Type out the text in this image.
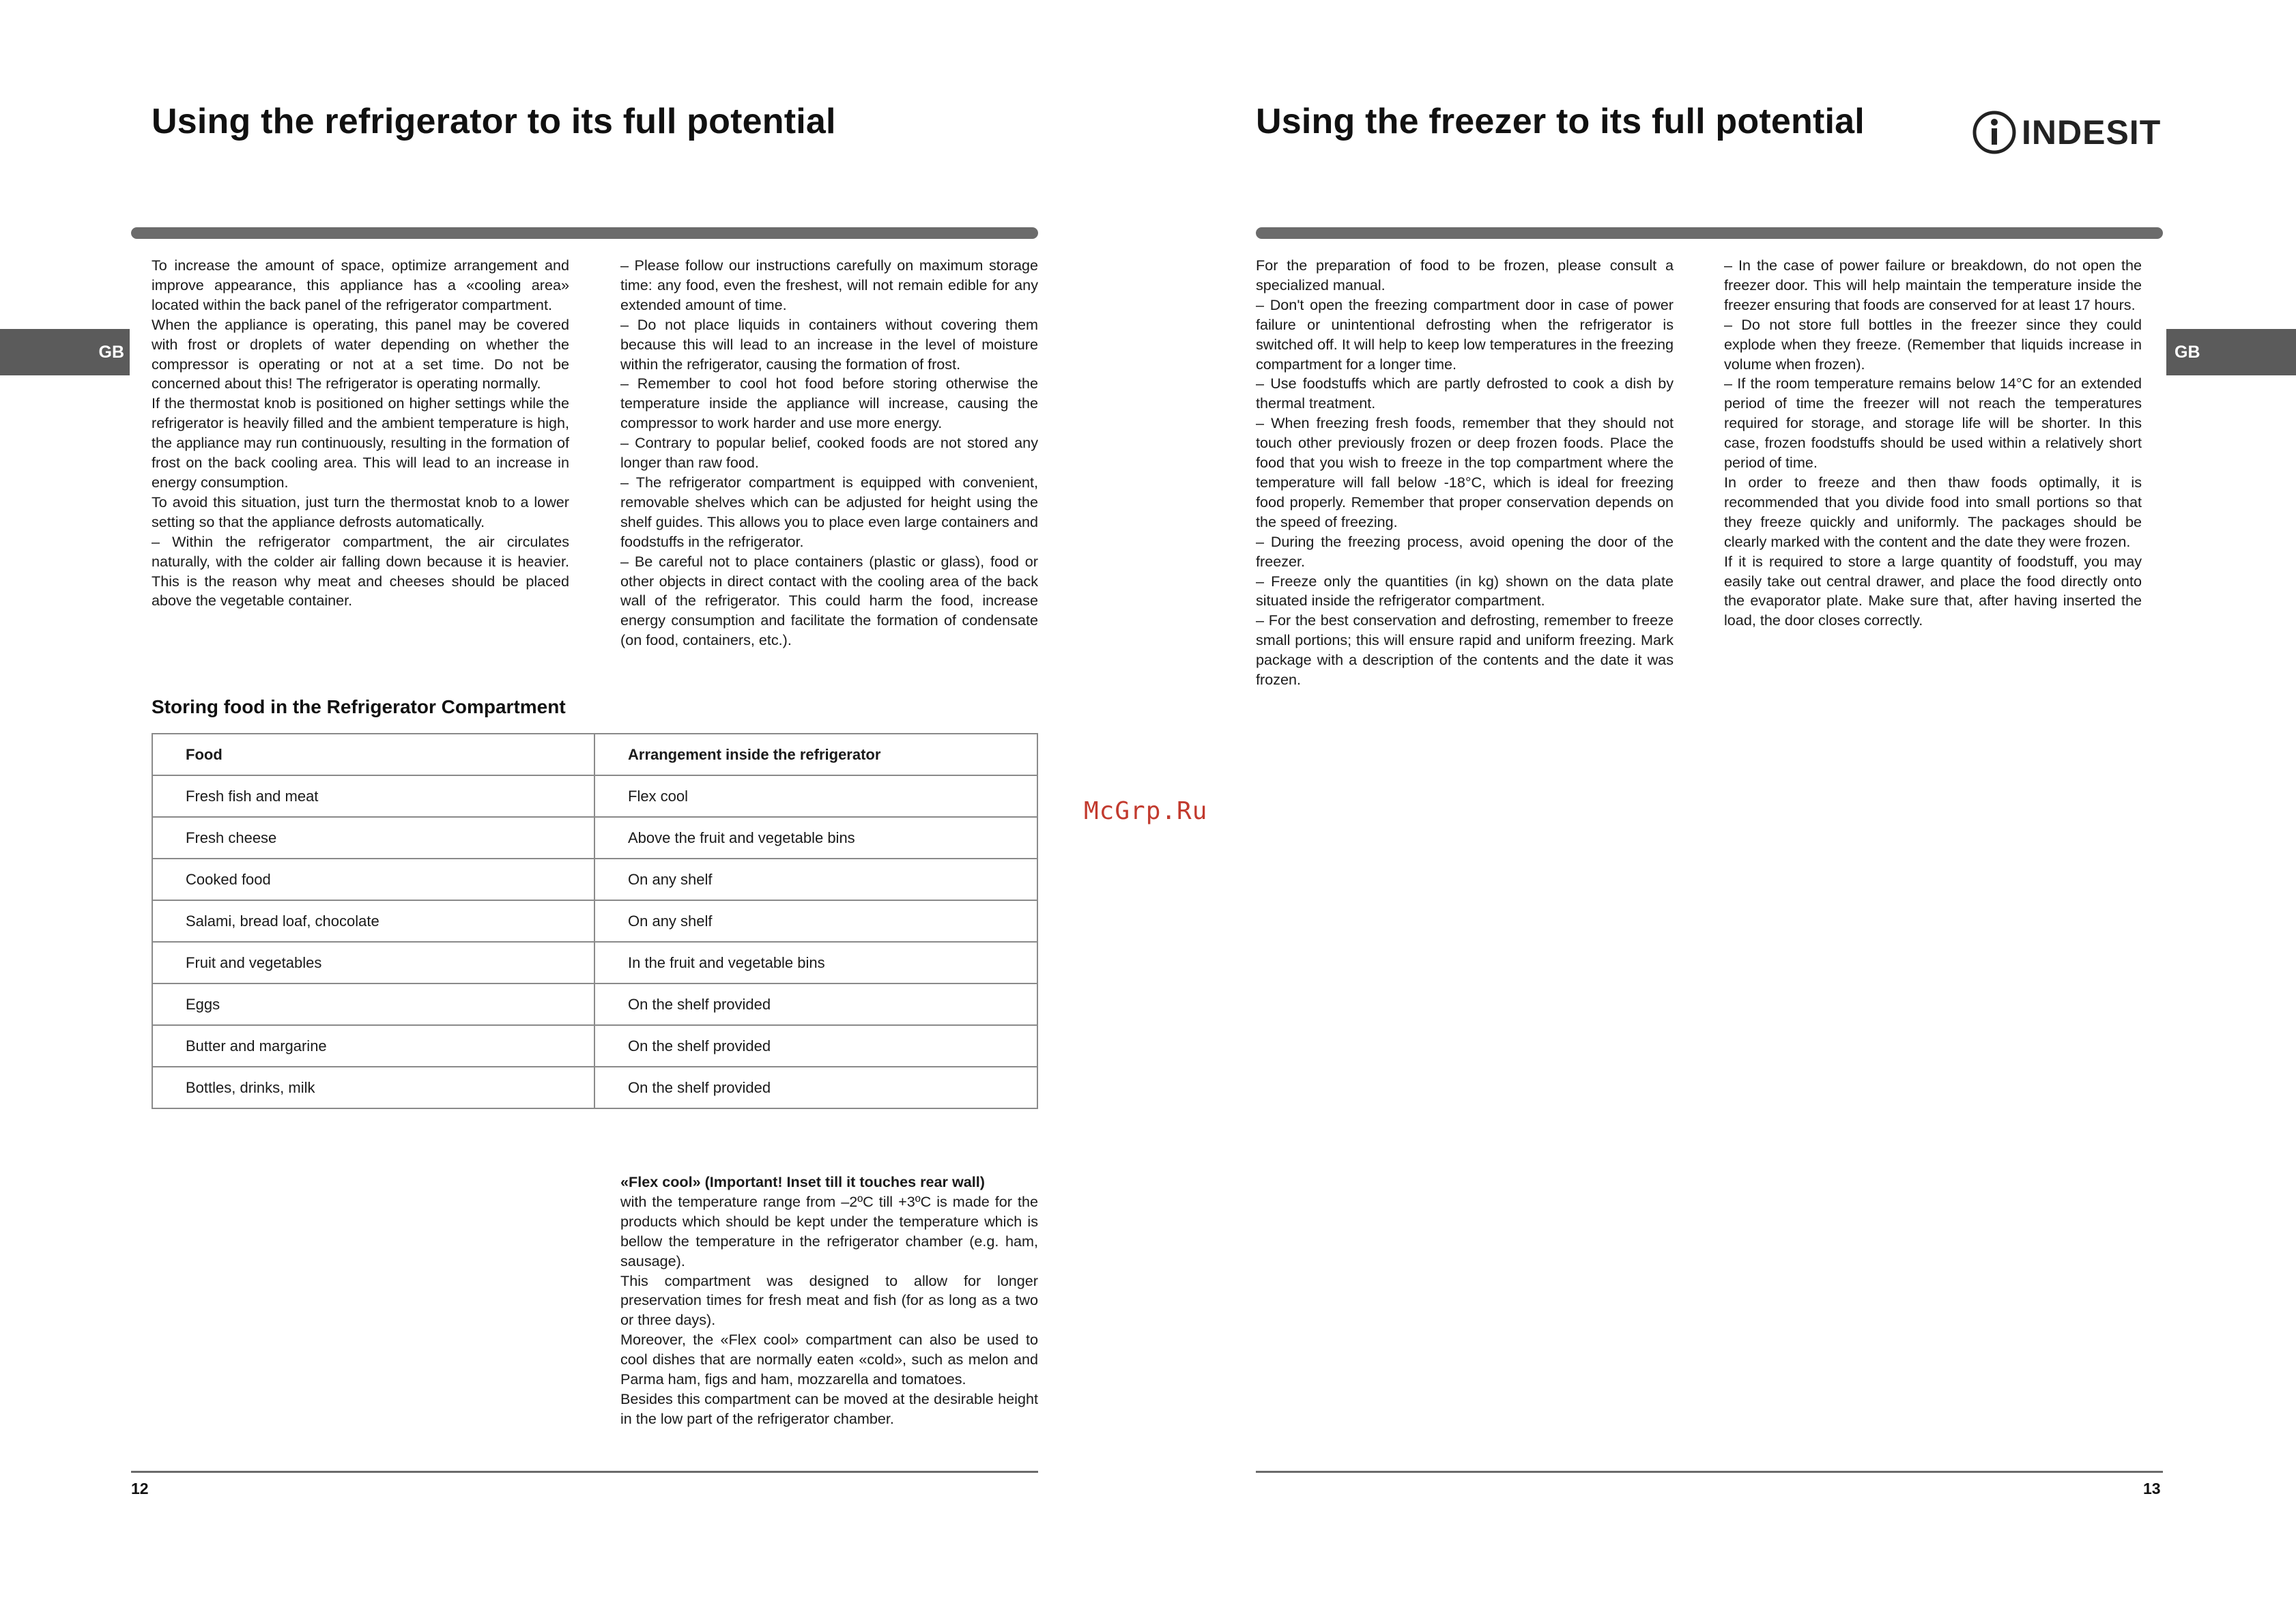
Using the refrigerator to its full potential
GB

To increase the amount of space, optimize arrangement and improve appearance, this appliance has a «cooling area» located within the back panel of the refrigerator compartment.

When the appliance is operating, this panel may be covered with frost or droplets of water depending on whether the compressor is operating or not at a set time. Do not be concerned about this! The refrigerator is operating normally.

If the thermostat knob is positioned on higher settings while the refrigerator is heavily filled and the ambient temperature is high, the appliance may run continuously, resulting in the formation of frost on the back cooling area. This will lead to an increase in energy consumption.

To avoid this situation, just turn the thermostat knob to a lower setting so that the appliance defrosts automatically.

– Within the refrigerator compartment, the air circulates naturally, with the colder air falling down because it is heavier. This is the reason why meat and cheeses should be placed above the vegetable container.

– Please follow our instructions carefully on maximum storage time: any food, even the freshest, will not remain edible for any extended amount of time.

– Do not place liquids in containers without covering them because this will lead to an increase in the level of moisture within the refrigerator, causing the formation of frost.

– Remember to cool hot food before storing otherwise the temperature inside the appliance will increase, causing the compressor to work harder and use more energy.

– Contrary to popular belief, cooked foods are not stored any longer than raw food.

– The refrigerator compartment is equipped with convenient, removable shelves which can be adjusted for height using the shelf guides. This allows you to place even large containers and foodstuffs in the refrigerator.

– Be careful not to place containers (plastic or glass), food or other objects in direct contact with the cooling area of the back wall of the refrigerator. This could harm the food, increase energy consumption and facilitate the formation of condensate (on food, containers, etc.).

Storing food in the Refrigerator Compartment
Food	Arrangement inside the refrigerator
Fresh fish and meat	Flex cool
Fresh cheese	Above the fruit and vegetable bins
Cooked food	On any shelf
Salami, bread loaf, chocolate	On any shelf
Fruit and vegetables	In the fruit and vegetable bins
Eggs	On the shelf provided
Butter and margarine	On the shelf provided
Bottles, drinks, milk	On the shelf provided

«Flex cool» (Important! Inset till it touches rear wall)

with the temperature range from –2ºC till +3ºC is made for the products which should be kept under the temperature which is bellow the temperature in the refrigerator chamber (e.g. ham, sausage).

This compartment was designed to allow for longer preservation times for fresh meat and fish (for as long as a two or three days).

Moreover, the «Flex cool» compartment can also be used to cool dishes that are normally eaten «cold», such as melon and Parma ham, figs and ham, mozzarella and tomatoes.

Besides this compartment can be moved at the desirable height in the low part of the refrigerator chamber.

12
McGrp.Ru
Using the freezer to its full potential	INDESIT
GB

For the preparation of food to be frozen, please consult a specialized manual.

– Don't open the freezing compartment door in case of power failure or unintentional defrosting when the refrigerator is switched off. It will help to keep low temperatures in the freezing compartment for a longer time.

– Use foodstuffs which are partly defrosted to cook a dish by thermal treatment.

– When freezing fresh foods, remember that they should not touch other previously frozen or deep frozen foods. Place the food that you wish to freeze in the top compartment where the temperature will fall below -18°C, which is ideal for freezing food properly. Remember that proper conservation depends on the speed of freezing.

– During the freezing process, avoid opening the door of the freezer.

– Freeze only the quantities (in kg) shown on the data plate situated inside the refrigerator compartment.

– For the best conservation and defrosting, remember to freeze small portions; this will ensure rapid and uniform freezing. Mark package with a description of the contents and the date it was frozen.

– In the case of power failure or breakdown, do not open the freezer door. This will help maintain the temperature inside the freezer ensuring that foods are conserved for at least 17 hours.

– Do not store full bottles in the freezer since they could explode when they freeze. (Remember that liquids increase in volume when frozen).

– If the room temperature remains below 14°C for an extended period of time the freezer will not reach the temperatures required for storage, and storage life will be shorter. In this case, frozen foodstuffs should be used within a relatively short period of time.

In order to freeze and then thaw foods optimally, it is recommended that you divide food into small portions so that they freeze quickly and uniformly. The packages should be clearly marked with the content and the date they were frozen.

If it is required to store a large quantity of foodstuff, you may easily take out central drawer, and place the food directly onto the evaporator plate. Make sure that, after having inserted the load, the door closes correctly.

13
